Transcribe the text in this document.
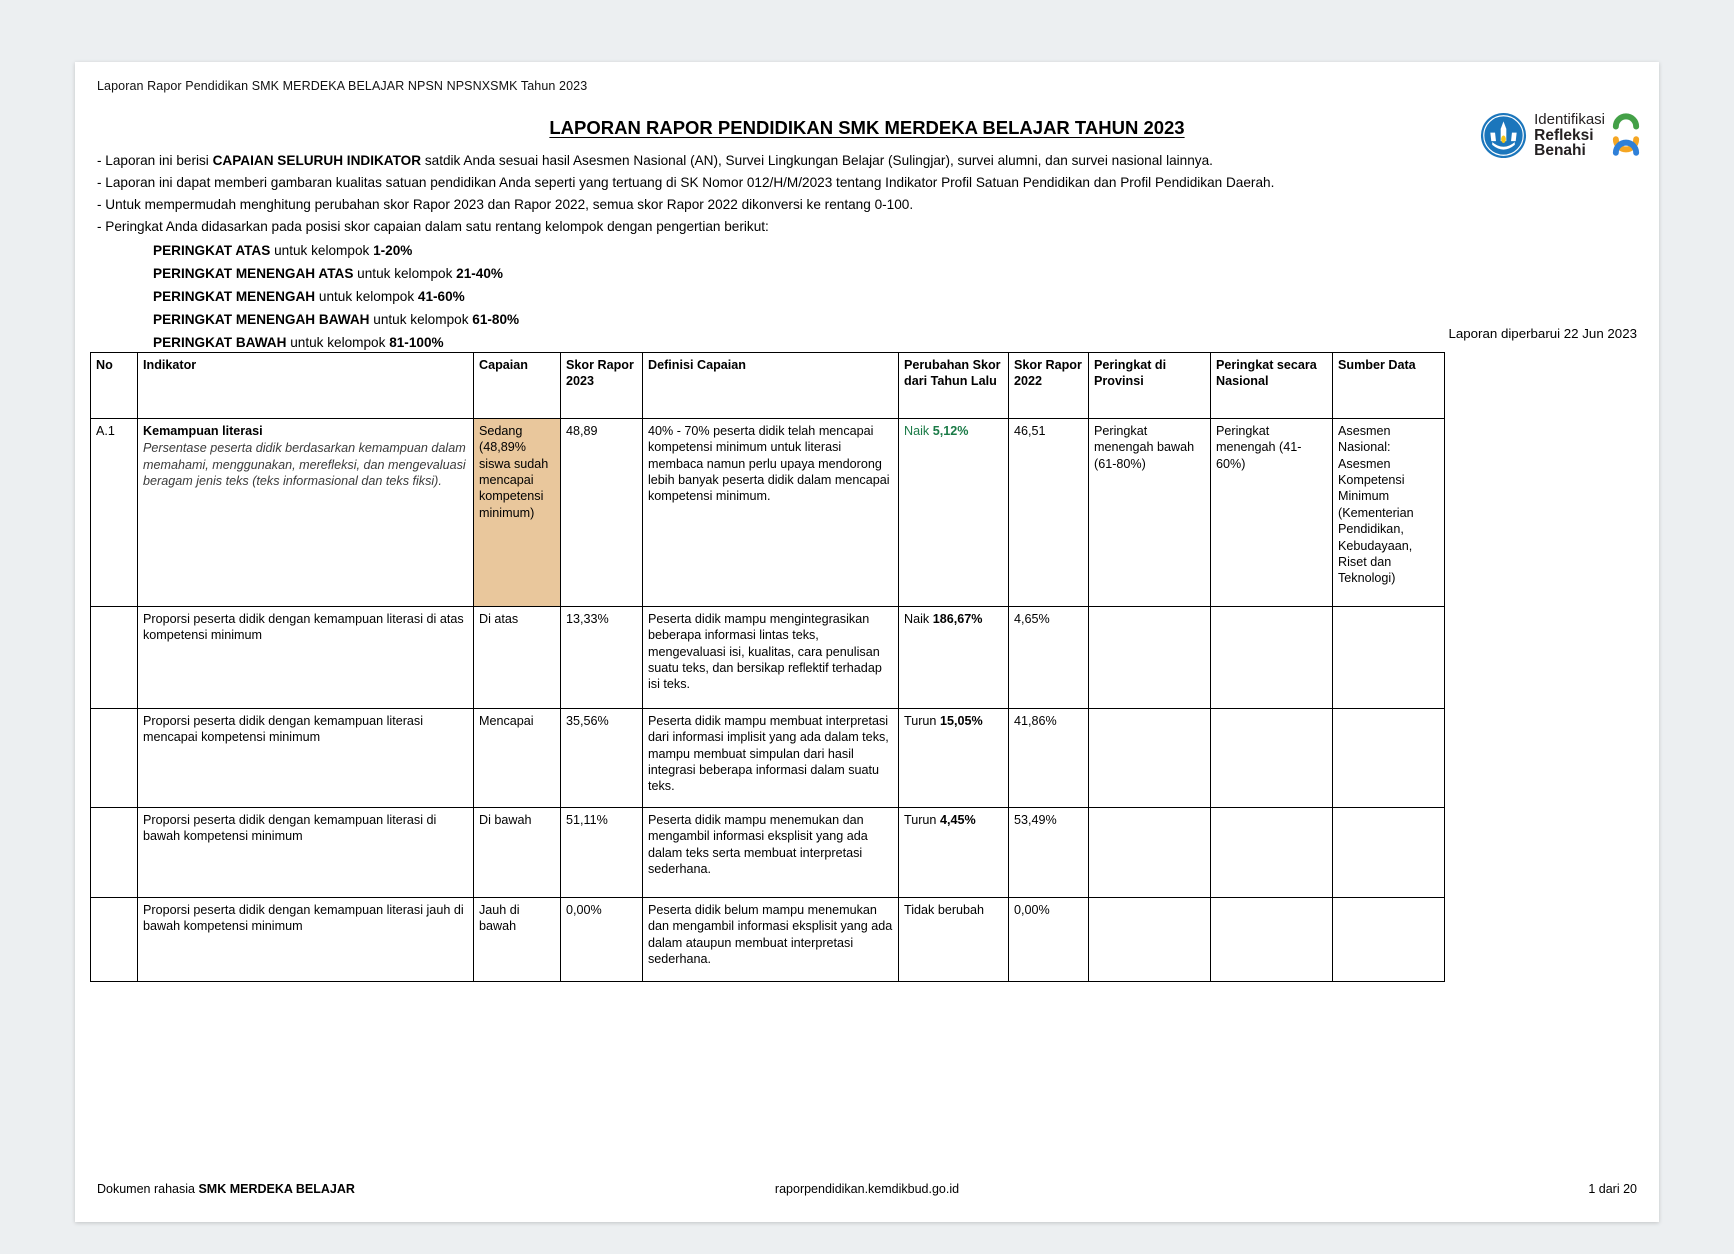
Laporan Rapor Pendidikan SMK MERDEKA BELAJAR NPSN NPSNXSMK Tahun 2023
Identifikasi
Refleksi
Benahi
LAPORAN RAPOR PENDIDIKAN SMK MERDEKA BELAJAR TAHUN 2023
- Laporan ini berisi CAPAIAN SELURUH INDIKATOR satdik Anda sesuai hasil Asesmen Nasional (AN), Survei Lingkungan Belajar (Sulingjar), survei alumni, dan survei nasional lainnya.
- Laporan ini dapat memberi gambaran kualitas satuan pendidikan Anda seperti yang tertuang di SK Nomor 012/H/M/2023 tentang Indikator Profil Satuan Pendidikan dan Profil Pendidikan Daerah.
- Untuk mempermudah menghitung perubahan skor Rapor 2023 dan Rapor 2022, semua skor Rapor 2022 dikonversi ke rentang 0-100.
- Peringkat Anda didasarkan pada posisi skor capaian dalam satu rentang kelompok dengan pengertian berikut:
PERINGKAT ATAS untuk kelompok 1-20%
PERINGKAT MENENGAH ATAS untuk kelompok 21-40%
PERINGKAT MENENGAH untuk kelompok 41-60%
PERINGKAT MENENGAH BAWAH untuk kelompok 61-80%
PERINGKAT BAWAH untuk kelompok 81-100%
Laporan diperbarui 22 Jun 2023
No	Indikator	Capaian	Skor Rapor 2023	Definisi Capaian	Perubahan Skor dari Tahun Lalu	Skor Rapor 2022	Peringkat di Provinsi	Peringkat secara Nasional	Sumber Data
A.1	Kemampuan literasi
Persentase peserta didik berdasarkan kemampuan dalam memahami, menggunakan, merefleksi, dan mengevaluasi beragam jenis teks (teks informasional dan teks fiksi).	Sedang (48,89% siswa sudah mencapai kompetensi minimum)	48,89	40% - 70% peserta didik telah mencapai kompetensi minimum untuk literasi membaca namun perlu upaya mendorong lebih banyak peserta didik dalam mencapai kompetensi minimum.	Naik 5,12%	46,51	Peringkat menengah bawah (61-80%)	Peringkat menengah (41-60%)	Asesmen Nasional: Asesmen Kompetensi Minimum (Kementerian Pendidikan, Kebudayaan, Riset dan Teknologi)
	Proporsi peserta didik dengan kemampuan literasi di atas kompetensi minimum	Di atas	13,33%	Peserta didik mampu mengintegrasikan beberapa informasi lintas teks, mengevaluasi isi, kualitas, cara penulisan suatu teks, dan bersikap reflektif terhadap isi teks.	Naik 186,67%	4,65%			
	Proporsi peserta didik dengan kemampuan literasi mencapai kompetensi minimum	Mencapai	35,56%	Peserta didik mampu membuat interpretasi dari informasi implisit yang ada dalam teks, mampu membuat simpulan dari hasil integrasi beberapa informasi dalam suatu teks.	Turun 15,05%	41,86%			
	Proporsi peserta didik dengan kemampuan literasi di bawah kompetensi minimum	Di bawah	51,11%	Peserta didik mampu menemukan dan mengambil informasi eksplisit yang ada dalam teks serta membuat interpretasi sederhana.	Turun 4,45%	53,49%			
	Proporsi peserta didik dengan kemampuan literasi jauh di bawah kompetensi minimum	Jauh di bawah	0,00%	Peserta didik belum mampu menemukan dan mengambil informasi eksplisit yang ada dalam ataupun membuat interpretasi sederhana.	Tidak berubah	0,00%			
Dokumen rahasia SMK MERDEKA BELAJAR	raporpendidikan.kemdikbud.go.id	1 dari 20
